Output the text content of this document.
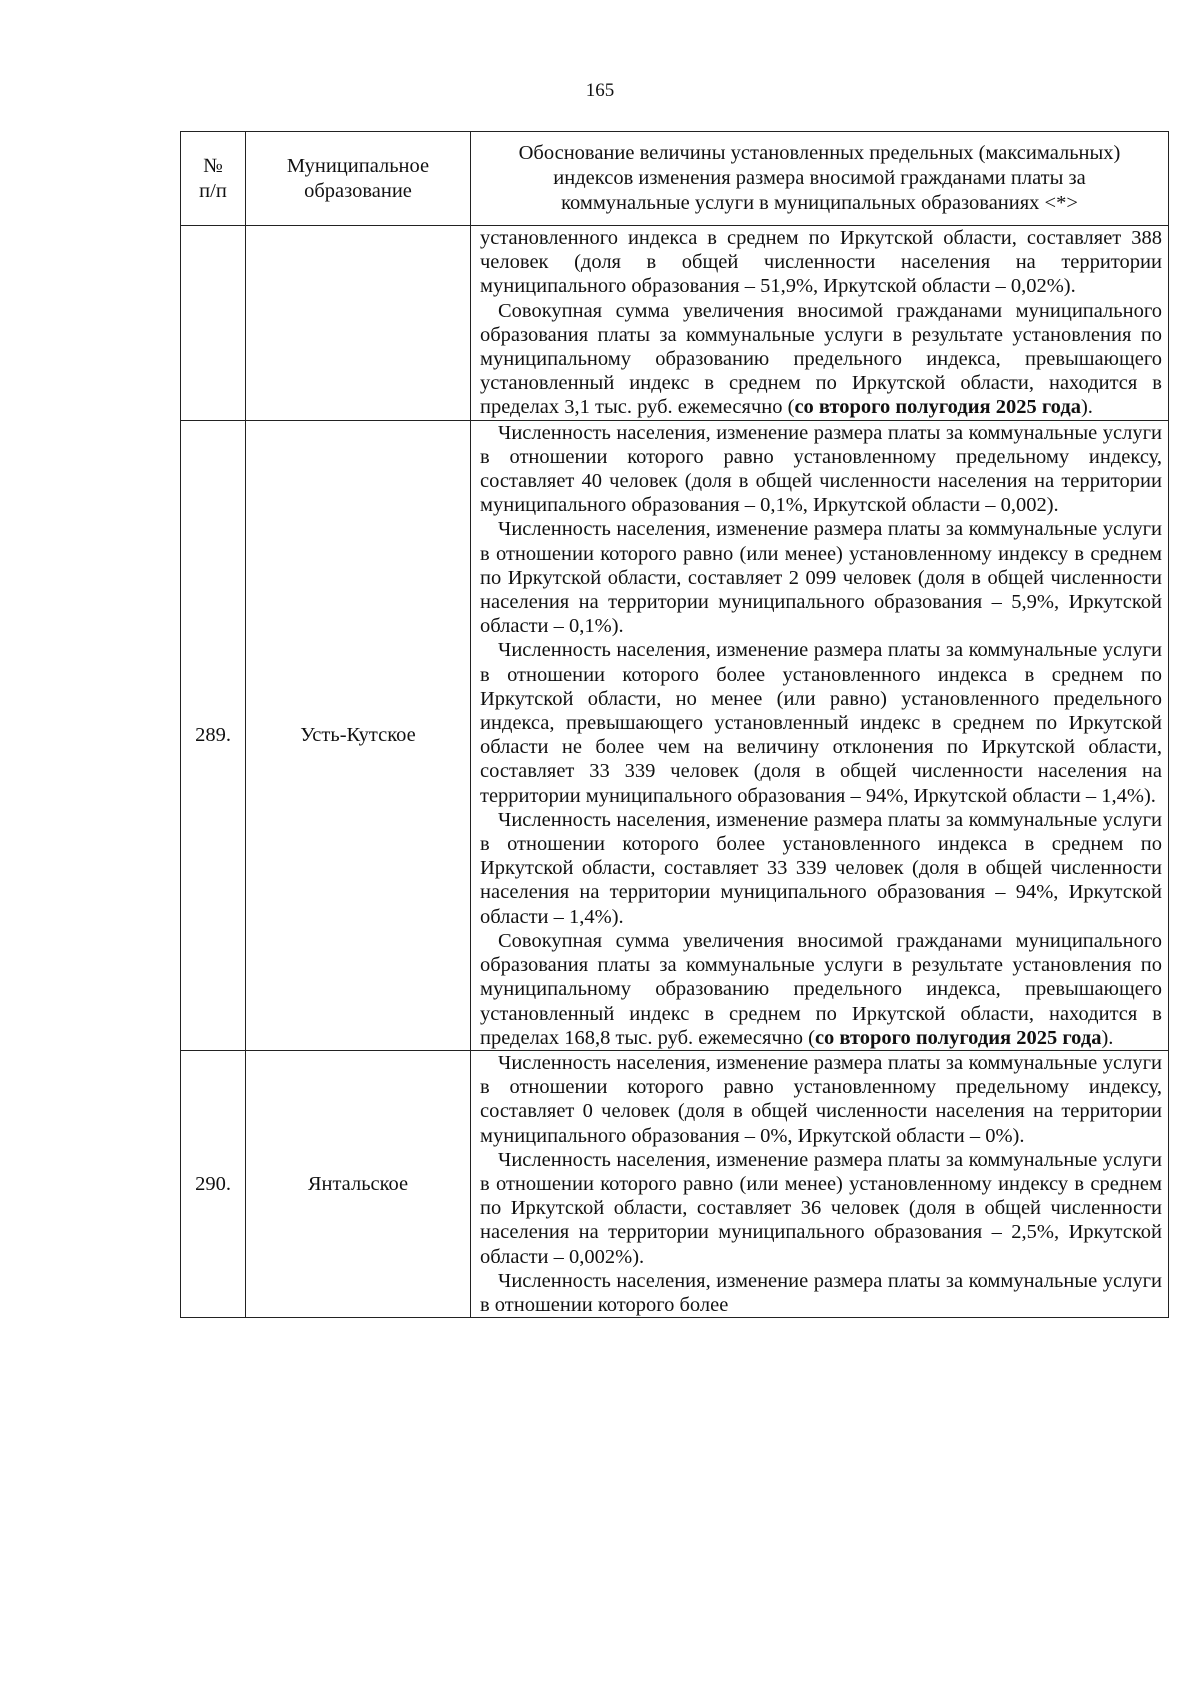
165
№ п/п	Муниципальное образование	Обоснование величины установленных предельных (максимальных) индексов изменения размера вносимой гражданами платы за коммунальные услуги в муниципальных образованиях <*>

		установленного индекса в среднем по Иркутской области, составляет 388 человек (доля в общей численности населения на территории муниципального образования – 51,9%, Иркутской области – 0,02%).

Совокупная сумма увеличения вносимой гражданами муниципального образования платы за коммунальные услуги в результате установления по муниципальному образованию предельного индекса, превышающего установленный индекс в среднем по Иркутской области, находится в пределах 3,1 тыс. руб. ежемесячно (со второго полугодия 2025 года).

289.	Усть-Кутское	Численность населения, изменение размера платы за коммунальные услуги в отношении которого равно установленному предельному индексу, составляет 40 человек (доля в общей численности населения на территории муниципального образования – 0,1%, Иркутской области – 0,002).

Численность населения, изменение размера платы за коммунальные услуги в отношении которого равно (или менее) установленному индексу в среднем по Иркутской области, составляет 2 099 человек (доля в общей численности населения на территории муниципального образования – 5,9%, Иркутской области – 0,1%).

Численность населения, изменение размера платы за коммунальные услуги в отношении которого более установленного индекса в среднем по Иркутской области, но менее (или равно) установленного предельного индекса, превышающего установленный индекс в среднем по Иркутской области не более чем на величину отклонения по Иркутской области, составляет 33 339 человек (доля в общей численности населения на территории муниципального образования – 94%, Иркутской области – 1,4%).

Численность населения, изменение размера платы за коммунальные услуги в отношении которого более установленного индекса в среднем по Иркутской области, составляет 33 339 человек (доля в общей численности населения на территории муниципального образования – 94%, Иркутской области – 1,4%).

Совокупная сумма увеличения вносимой гражданами муниципального образования платы за коммунальные услуги в результате установления по муниципальному образованию предельного индекса, превышающего установленный индекс в среднем по Иркутской области, находится в пределах 168,8 тыс. руб. ежемесячно (со второго полугодия 2025 года).

290.	Янтальское	Численность населения, изменение размера платы за коммунальные услуги в отношении которого равно установленному предельному индексу, составляет 0 человек (доля в общей численности населения на территории муниципального образования – 0%, Иркутской области – 0%).

Численность населения, изменение размера платы за коммунальные услуги в отношении которого равно (или менее) установленному индексу в среднем по Иркутской области, составляет 36 человек (доля в общей численности населения на территории муниципального образования – 2,5%, Иркутской области – 0,002%).

Численность населения, изменение размера платы за коммунальные услуги в отношении которого более
